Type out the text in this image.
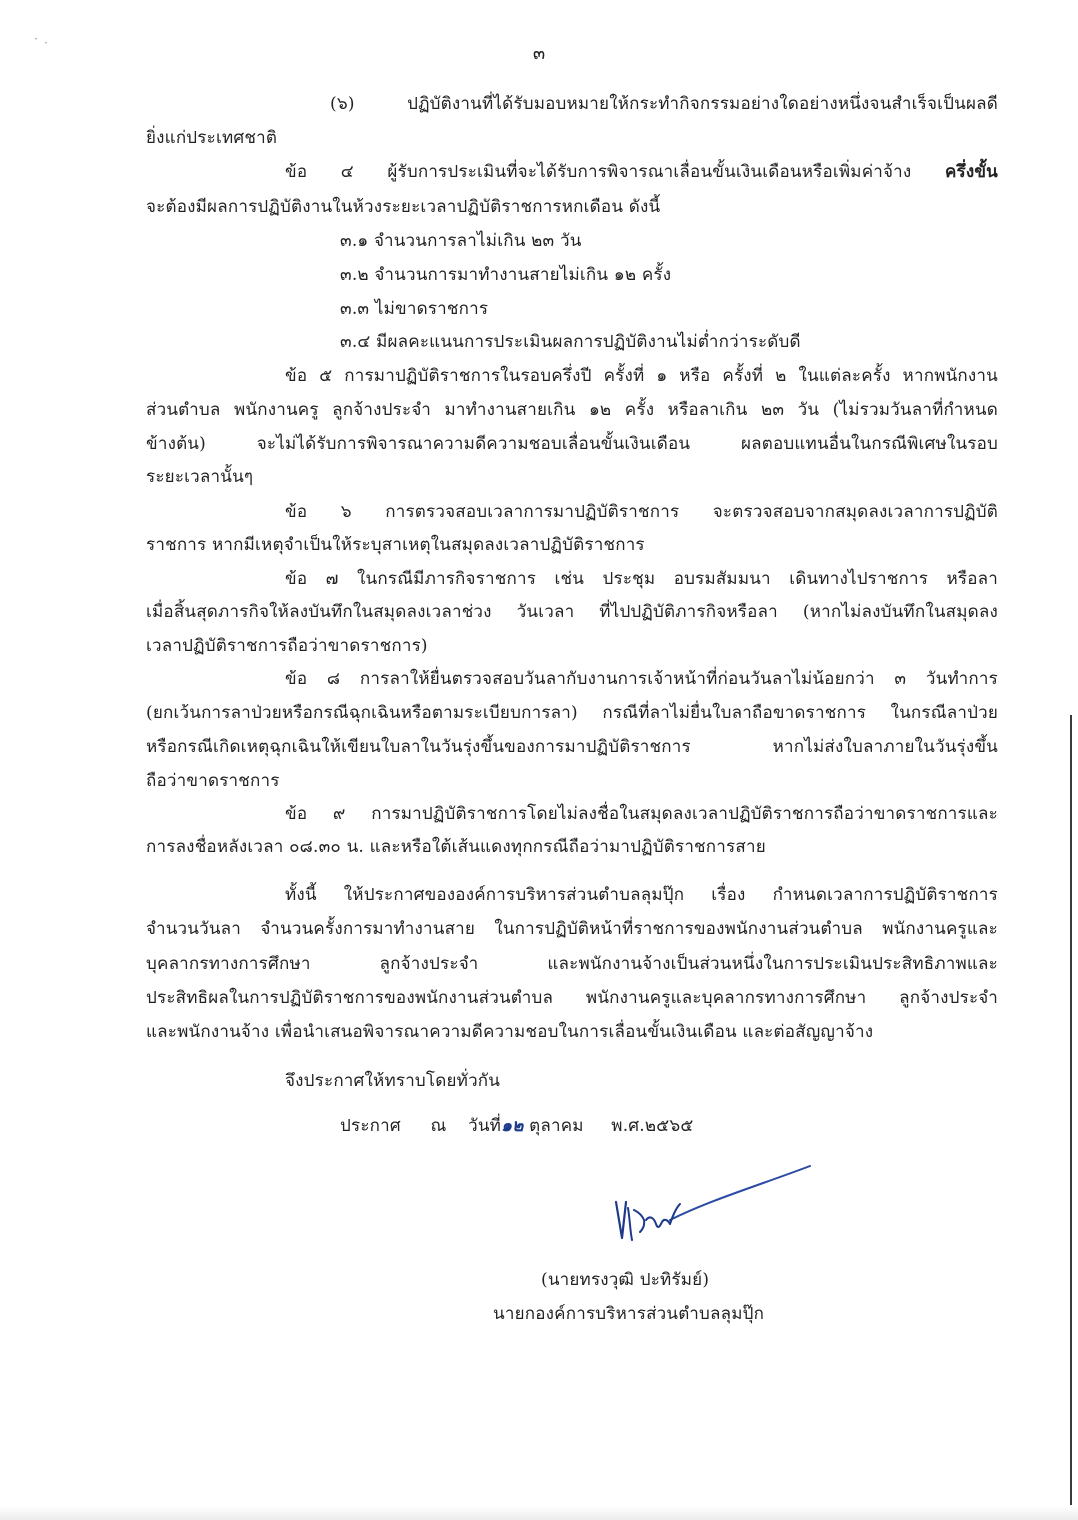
· ·	๓
(๖) ปฏิบัติงานที่ได้รับมอบหมายให้กระทำกิจกรรมอย่างใดอย่างหนึ่งจนสำเร็จเป็นผลดี
ยิ่งแก่ประเทศชาติ
ข้อ ๔ ผู้รับการประเมินที่จะได้รับการพิจารณาเลื่อนขั้นเงินเดือนหรือเพิ่มค่าจ้าง ครึ่งขั้น
จะต้องมีผลการปฏิบัติงานในห้วงระยะเวลาปฏิบัติราชการหกเดือน ดังนี้
๓.๑ จำนวนการลาไม่เกิน ๒๓ วัน
๓.๒ จำนวนการมาทำงานสายไม่เกิน ๑๒ ครั้ง
๓.๓ ไม่ขาดราชการ
๓.๔ มีผลคะแนนการประเมินผลการปฏิบัติงานไม่ต่ำกว่าระดับดี
ข้อ ๕ การมาปฏิบัติราชการในรอบครึ่งปี ครั้งที่ ๑ หรือ ครั้งที่ ๒ ในแต่ละครั้ง หากพนักงาน
ส่วนตำบล พนักงานครู ลูกจ้างประจำ มาทำงานสายเกิน ๑๒ ครั้ง หรือลาเกิน ๒๓ วัน (ไม่รวมวันลาที่กำหนด
ข้างต้น) จะไม่ได้รับการพิจารณาความดีความชอบเลื่อนขั้นเงินเดือน ผลตอบแทนอื่นในกรณีพิเศษในรอบ
ระยะเวลานั้นๆ
ข้อ ๖ การตรวจสอบเวลาการมาปฏิบัติราชการ จะตรวจสอบจากสมุดลงเวลาการปฏิบัติ
ราชการ หากมีเหตุจำเป็นให้ระบุสาเหตุในสมุดลงเวลาปฏิบัติราชการ
ข้อ ๗ ในกรณีมีภารกิจราชการ เช่น ประชุม อบรมสัมมนา เดินทางไปราชการ หรือลา
เมื่อสิ้นสุดภารกิจให้ลงบันทึกในสมุดลงเวลาช่วง วันเวลา ที่ไปปฏิบัติภารกิจหรือลา (หากไม่ลงบันทึกในสมุดลง
เวลาปฏิบัติราชการถือว่าขาดราชการ)
ข้อ ๘ การลาให้ยื่นตรวจสอบวันลากับงานการเจ้าหน้าที่ก่อนวันลาไม่น้อยกว่า ๓ วันทำการ
(ยกเว้นการลาป่วยหรือกรณีฉุกเฉินหรือตามระเบียบการลา) กรณีที่ลาไม่ยื่นใบลาถือขาดราชการ ในกรณีลาป่วย
หรือกรณีเกิดเหตุฉุกเฉินให้เขียนใบลาในวันรุ่งขึ้นของการมาปฏิบัติราชการ หากไม่ส่งใบลาภายในวันรุ่งขึ้น
ถือว่าขาดราชการ
ข้อ ๙ การมาปฏิบัติราชการโดยไม่ลงชื่อในสมุดลงเวลาปฏิบัติราชการถือว่าขาดราชการและ
การลงชื่อหลังเวลา ๐๘.๓๐ น. และหรือใต้เส้นแดงทุกกรณีถือว่ามาปฏิบัติราชการสาย
ทั้งนี้ ให้ประกาศขององค์การบริหารส่วนตำบลลุมปุ๊ก เรื่อง กำหนดเวลาการปฏิบัติราชการ
จำนวนวันลา จำนวนครั้งการมาทำงานสาย ในการปฏิบัติหน้าที่ราชการของพนักงานส่วนตำบล พนักงานครูและ
บุคลากรทางการศึกษา ลูกจ้างประจำ และพนักงานจ้างเป็นส่วนหนึ่งในการประเมินประสิทธิภาพและ
ประสิทธิผลในการปฏิบัติราชการของพนักงานส่วนตำบล พนักงานครูและบุคลากรทางการศึกษา ลูกจ้างประจำ
และพนักงานจ้าง เพื่อนำเสนอพิจารณาความดีความชอบในการเลื่อนขั้นเงินเดือน และต่อสัญญาจ้าง
จึงประกาศให้ทราบโดยทั่วกัน
ประกาศ ณ วันที่๑๒ ตุลาคม พ.ศ.๒๕๖๕
(นายทรงวุฒิ ปะทิรัมย์)
นายกองค์การบริหารส่วนตำบลลุมปุ๊ก
